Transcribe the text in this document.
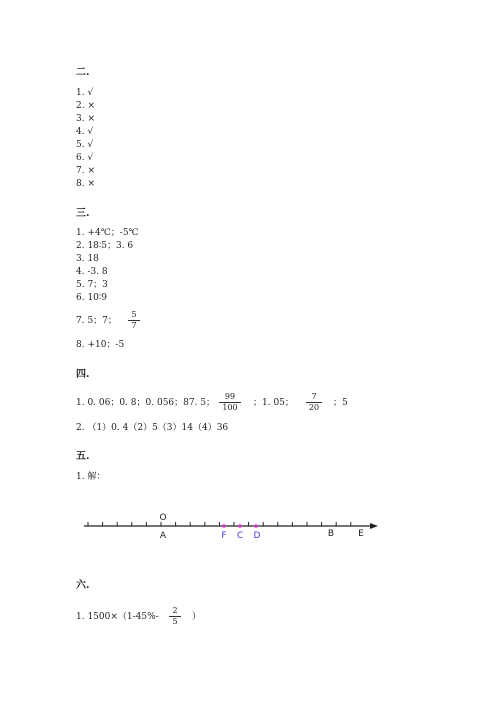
二.
1. √
2. ×
3. ×
4. √
5. √
6. √
7. ×
8. ×
三.
1. +4℃；-5℃
2. 18∶5；3. 6
3. 18
4. -3. 8
5. 7；3
6. 10∶9
7. 5；7； $\frac{5}{7}$
8. +10；-5
四.
1. 0. 06；0. 8；0. 056；87. 5； $\frac{99}{100}$ ；1. 05； $\frac{7}{20}$ ；5
2. （1）0. 4（2）5（3）14（4）36
五.
1. 解：
O
A	F C D	B	E
六.
1. $1500\times(1-45\%- \frac{2}{5}$ ）
